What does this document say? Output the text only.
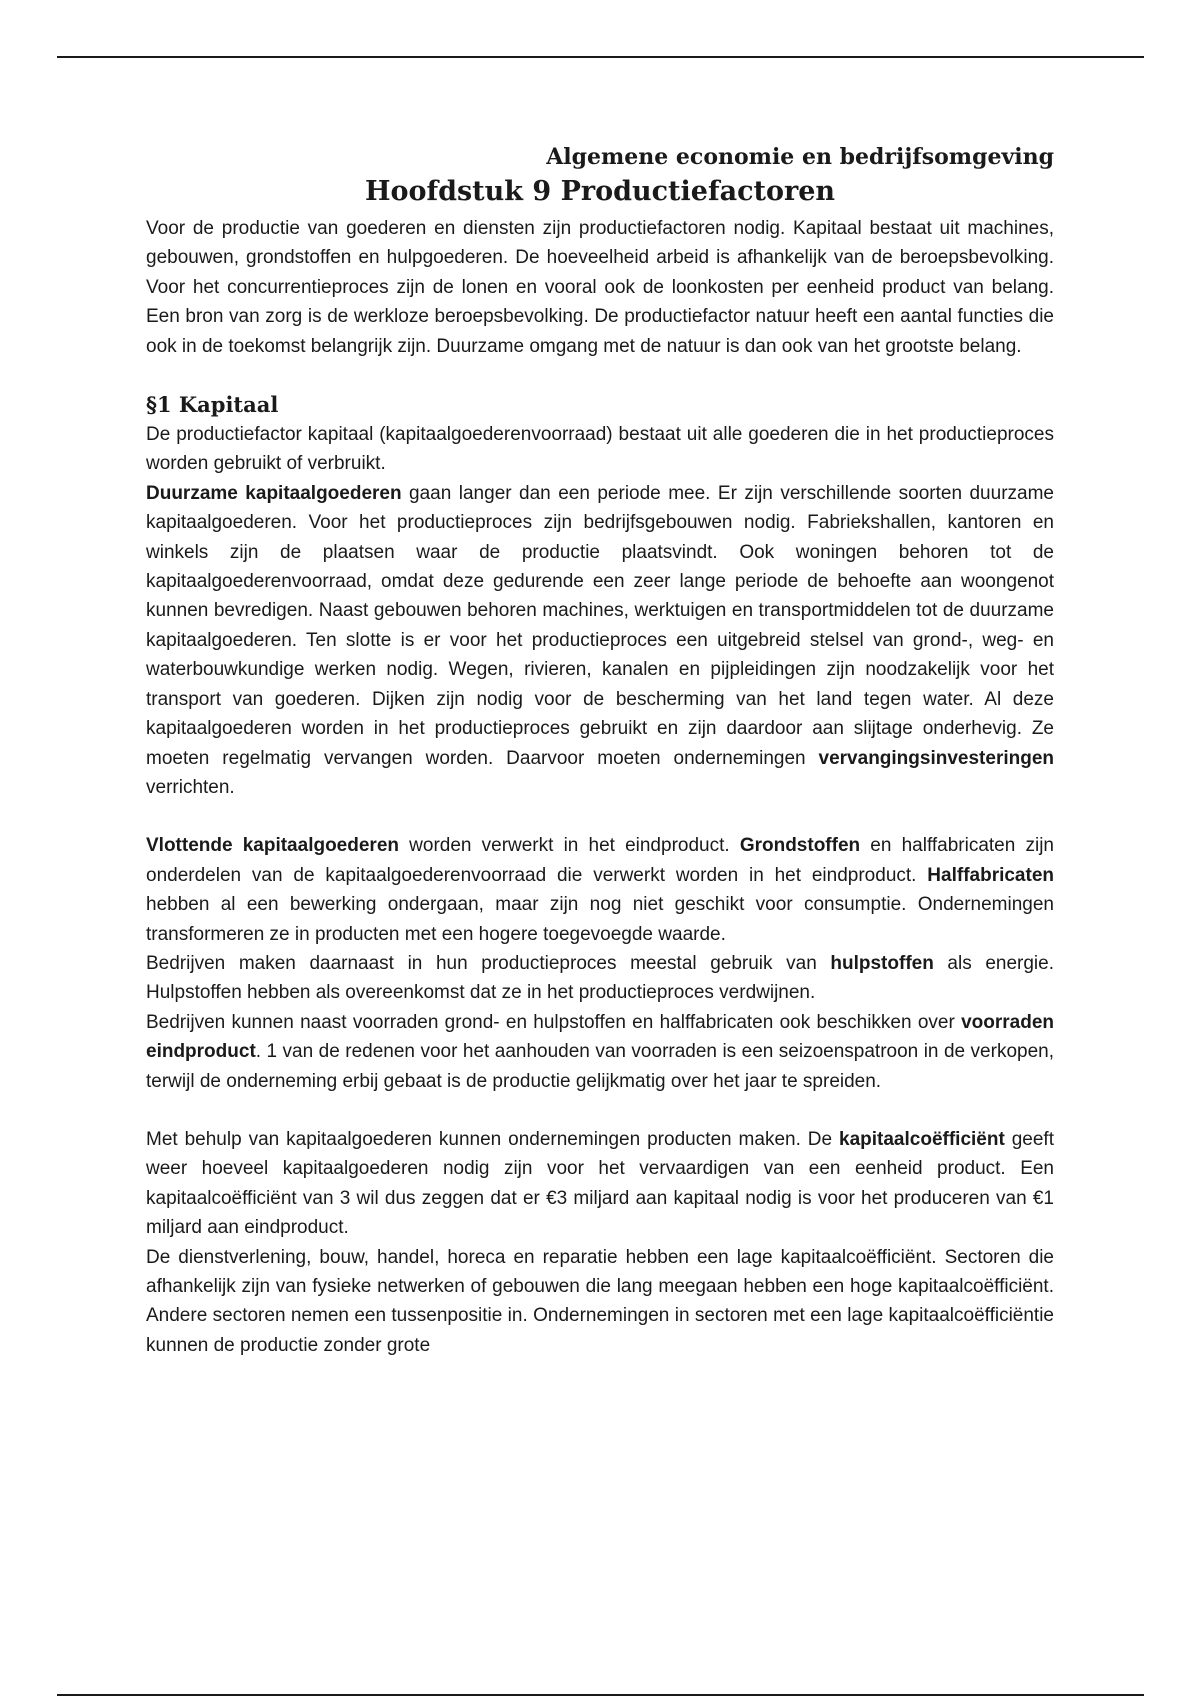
Algemene economie en bedrijfsomgeving
Hoofdstuk 9 Productiefactoren

Voor de productie van goederen en diensten zijn productiefactoren nodig. Kapitaal bestaat uit machines, gebouwen, grondstoffen en hulpgoederen. De hoeveelheid arbeid is afhankelijk van de beroepsbevolking. Voor het concurrentieproces zijn de lonen en vooral ook de loonkosten per eenheid product van belang. Een bron van zorg is de werkloze beroepsbevolking. De productiefactor natuur heeft een aantal functies die ook in de toekomst belangrijk zijn. Duurzame omgang met de natuur is dan ook van het grootste belang.

§1 Kapitaal

De productiefactor kapitaal (kapitaalgoederenvoorraad) bestaat uit alle goederen die in het productieproces worden gebruikt of verbruikt.

Duurzame kapitaalgoederen gaan langer dan een periode mee. Er zijn verschillende soorten duurzame kapitaalgoederen. Voor het productieproces zijn bedrijfsgebouwen nodig. Fabriekshallen, kantoren en winkels zijn de plaatsen waar de productie plaatsvindt. Ook woningen behoren tot de kapitaalgoederenvoorraad, omdat deze gedurende een zeer lange periode de behoefte aan woongenot kunnen bevredigen. Naast gebouwen behoren machines, werktuigen en transportmiddelen tot de duurzame kapitaalgoederen. Ten slotte is er voor het productieproces een uitgebreid stelsel van grond-, weg- en waterbouwkundige werken nodig. Wegen, rivieren, kanalen en pijpleidingen zijn noodzakelijk voor het transport van goederen. Dijken zijn nodig voor de bescherming van het land tegen water. Al deze kapitaalgoederen worden in het productieproces gebruikt en zijn daardoor aan slijtage onderhevig. Ze moeten regelmatig vervangen worden. Daarvoor moeten ondernemingen vervangingsinvesteringen verrichten.

Vlottende kapitaalgoederen worden verwerkt in het eindproduct. Grondstoffen en halffabricaten zijn onderdelen van de kapitaalgoederenvoorraad die verwerkt worden in het eindproduct. Halffabricaten hebben al een bewerking ondergaan, maar zijn nog niet geschikt voor consumptie. Ondernemingen transformeren ze in producten met een hogere toegevoegde waarde.

Bedrijven maken daarnaast in hun productieproces meestal gebruik van hulpstoffen als energie. Hulpstoffen hebben als overeenkomst dat ze in het productieproces verdwijnen.

Bedrijven kunnen naast voorraden grond- en hulpstoffen en halffabricaten ook beschikken over voorraden eindproduct. 1 van de redenen voor het aanhouden van voorraden is een seizoenspatroon in de verkopen, terwijl de onderneming erbij gebaat is de productie gelijkmatig over het jaar te spreiden.

Met behulp van kapitaalgoederen kunnen ondernemingen producten maken. De kapitaalcoëfficiënt geeft weer hoeveel kapitaalgoederen nodig zijn voor het vervaardigen van een eenheid product. Een kapitaalcoëfficiënt van 3 wil dus zeggen dat er €3 miljard aan kapitaal nodig is voor het produceren van €1 miljard aan eindproduct.

De dienstverlening, bouw, handel, horeca en reparatie hebben een lage kapitaalcoëfficiënt. Sectoren die afhankelijk zijn van fysieke netwerken of gebouwen die lang meegaan hebben een hoge kapitaalcoëfficiënt. Andere sectoren nemen een tussenpositie in. Ondernemingen in sectoren met een lage kapitaalcoëfficiëntie kunnen de productie zonder grote
